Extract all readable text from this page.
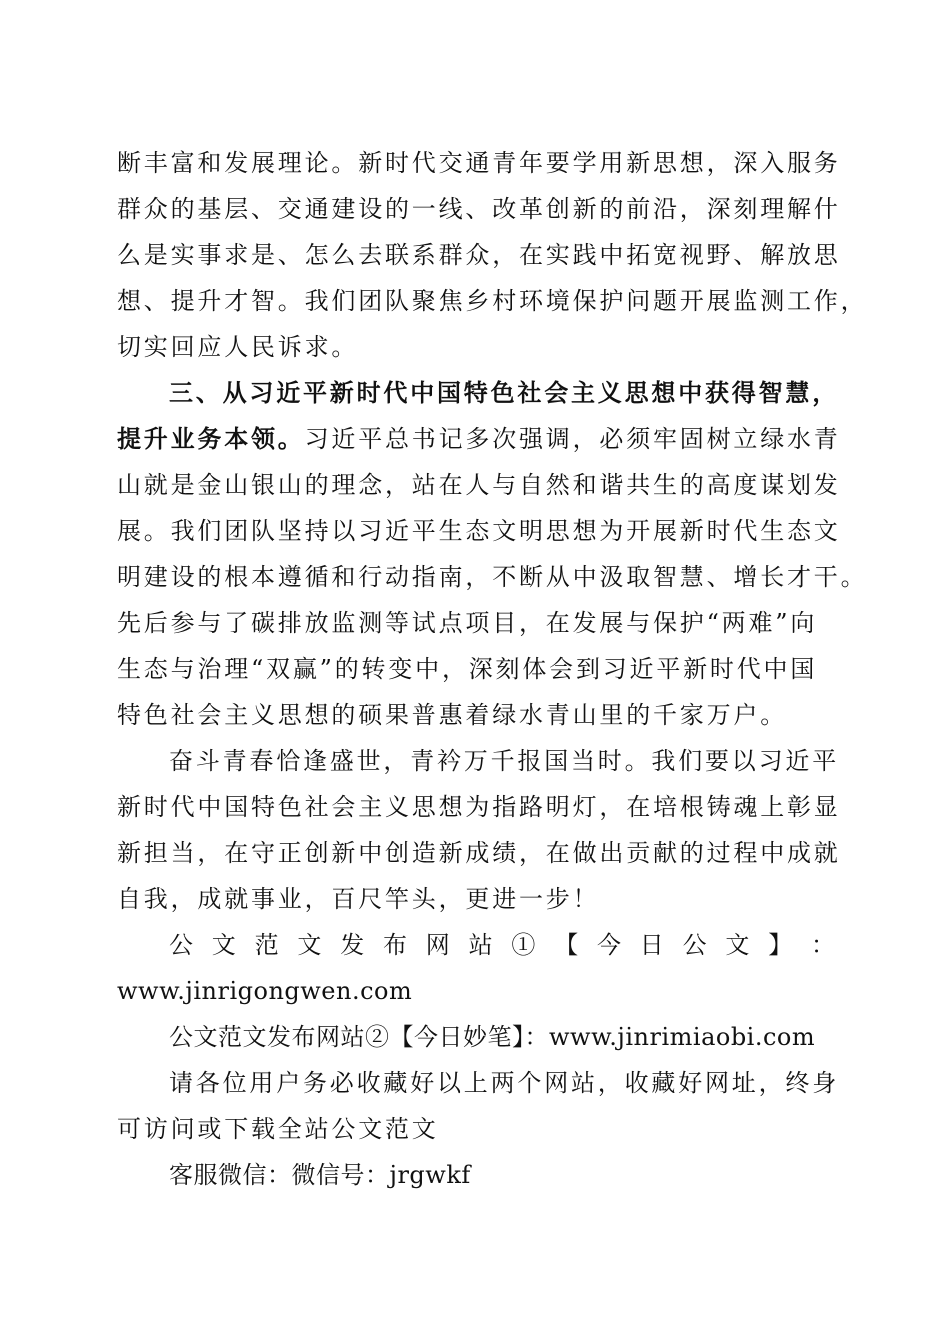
断丰富和发展理论。新时代交通青年要学用新思想，深入服务
群众的基层、交通建设的一线、改革创新的前沿，深刻理解什
么是实事求是、怎么去联系群众，在实践中拓宽视野、解放思
想、提升才智。我们团队聚焦乡村环境保护问题开展监测工作，
切实回应人民诉求。
三、从习近平新时代中国特色社会主义思想中获得智慧，
提升业务本领。习近平总书记多次强调，必须牢固树立绿水青
山就是金山银山的理念，站在人与自然和谐共生的高度谋划发
展。我们团队坚持以习近平生态文明思想为开展新时代生态文
明建设的根本遵循和行动指南，不断从中汲取智慧、增长才干。
先后参与了碳排放监测等试点项目，在发展与保护“两难”向
生态与治理“双赢”的转变中，深刻体会到习近平新时代中国
特色社会主义思想的硕果普惠着绿水青山里的千家万户。
奋斗青春恰逢盛世，青衿万千报国当时。我们要以习近平
新时代中国特色社会主义思想为指路明灯，在培根铸魂上彰显
新担当，在守正创新中创造新成绩，在做出贡献的过程中成就
自我，成就事业，百尺竿头，更进一步！
公 文 范 文 发 布 网 站 ① 【 今 日 公 文 】 ：
www.jinrigongwen.com
公文范文发布网站②【今日妙笔】：www.jinrimiaobi.com
请各位用户务必收藏好以上两个网站，收藏好网址，终身
可访问或下载全站公文范文
客服微信：微信号：jrgwkf
